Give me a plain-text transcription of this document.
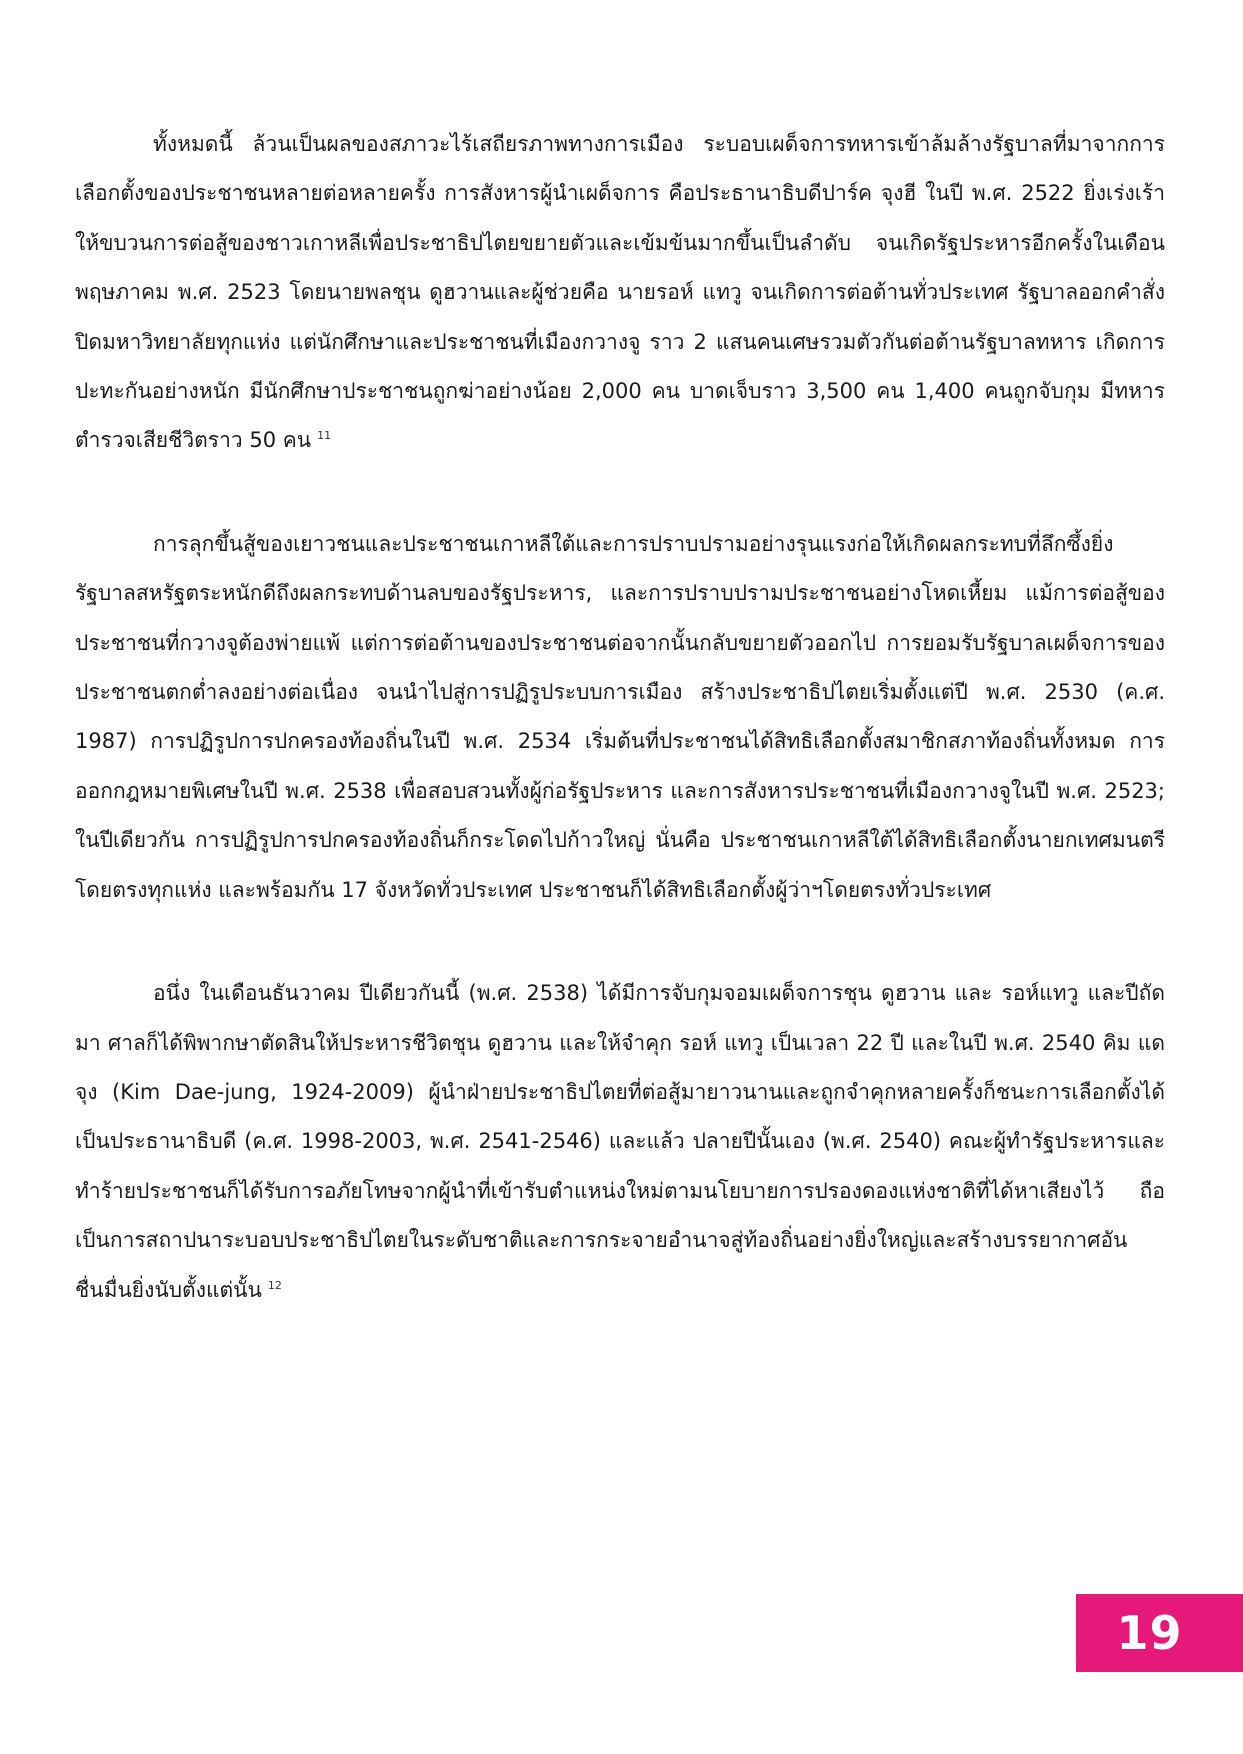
ทั้งหมดนี้ ล้วนเป็นผลของสภาวะไร้เสถียรภาพทางการเมือง ระบอบเผด็จการทหารเข้าล้มล้างรัฐบาลที่มาจากการเลือกตั้งของประชาชนหลายต่อหลายครั้ง การสังหารผู้นำเผด็จการ คือประธานาธิบดีปาร์ค จุงฮี ในปี พ.ศ. 2522 ยิ่งเร่งเร้าให้ขบวนการต่อสู้ของชาวเกาหลีเพื่อประชาธิปไตยขยายตัวและเข้มข้นมากขึ้นเป็นลำดับ จนเกิดรัฐประหารอีกครั้งในเดือนพฤษภาคม พ.ศ. 2523 โดยนายพลชุน ดูฮวานและผู้ช่วยคือ นายรอห์ แทวู จนเกิดการต่อต้านทั่วประเทศ รัฐบาลออกคำสั่งปิดมหาวิทยาลัยทุกแห่ง แต่นักศึกษาและประชาชนที่เมืองกวางจู ราว 2 แสนคนเศษรวมตัวกันต่อต้านรัฐบาลทหาร เกิดการปะทะกันอย่างหนัก มีนักศึกษาประชาชนถูกฆ่าอย่างน้อย 2,000 คน บาดเจ็บราว 3,500 คน 1,400 คนถูกจับกุม มีทหารตำรวจเสียชีวิตราว 50 คน $^{11}$

การลุกขึ้นสู้ของเยาวชนและประชาชนเกาหลีใต้และการปราบปรามอย่างรุนแรงก่อให้เกิดผลกระทบที่ลึกซึ้งยิ่ง รัฐบาลสหรัฐตระหนักดีถึงผลกระทบด้านลบของรัฐประหาร, และการปราบปรามประชาชนอย่างโหดเหี้ยม แม้การต่อสู้ของประชาชนที่กวางจูต้องพ่ายแพ้ แต่การต่อต้านของประชาชนต่อจากนั้นกลับขยายตัวออกไป การยอมรับรัฐบาลเผด็จการของประชาชนตกต่ำลงอย่างต่อเนื่อง จนนำไปสู่การปฏิรูประบบการเมือง สร้างประชาธิปไตยเริ่มตั้งแต่ปี พ.ศ. 2530 (ค.ศ. 1987) การปฏิรูปการปกครองท้องถิ่นในปี พ.ศ. 2534 เริ่มต้นที่ประชาชนได้สิทธิเลือกตั้งสมาชิกสภาท้องถิ่นทั้งหมด การออกกฎหมายพิเศษในปี พ.ศ. 2538 เพื่อสอบสวนทั้งผู้ก่อรัฐประหาร และการสังหารประชาชนที่เมืองกวางจูในปี พ.ศ. 2523; ในปีเดียวกัน การปฏิรูปการปกครองท้องถิ่นก็กระโดดไปก้าวใหญ่ นั่นคือ ประชาชนเกาหลีใต้ได้สิทธิเลือกตั้งนายกเทศมนตรีโดยตรงทุกแห่ง และพร้อมกัน 17 จังหวัดทั่วประเทศ ประชาชนก็ได้สิทธิเลือกตั้งผู้ว่าฯโดยตรงทั่วประเทศ

อนึ่ง ในเดือนธันวาคม ปีเดียวกันนี้ (พ.ศ. 2538) ได้มีการจับกุมจอมเผด็จการชุน ดูฮวาน และ รอห์แทวู และปีถัดมา ศาลก็ได้พิพากษาตัดสินให้ประหารชีวิตชุน ดูฮวาน และให้จำคุก รอห์ แทวู เป็นเวลา 22 ปี และในปี พ.ศ. 2540 คิม แดจุง (Kim Dae-jung, 1924-2009) ผู้นำฝ่ายประชาธิปไตยที่ต่อสู้มายาวนานและถูกจำคุกหลายครั้งก็ชนะการเลือกตั้งได้เป็นประธานาธิบดี (ค.ศ. 1998-2003, พ.ศ. 2541-2546) และแล้ว ปลายปีนั้นเอง (พ.ศ. 2540) คณะผู้ทำรัฐประหารและทำร้ายประชาชนก็ได้รับการอภัยโทษจากผู้นำที่เข้ารับตำแหน่งใหม่ตามนโยบายการปรองดองแห่งชาติที่ได้หาเสียงไว้ ถือเป็นการสถาปนาระบอบประชาธิปไตยในระดับชาติและการกระจายอำนาจสู่ท้องถิ่นอย่างยิ่งใหญ่และสร้างบรรยากาศอันชื่นมื่นยิ่งนับตั้งแต่นั้น $^{12}$

19
